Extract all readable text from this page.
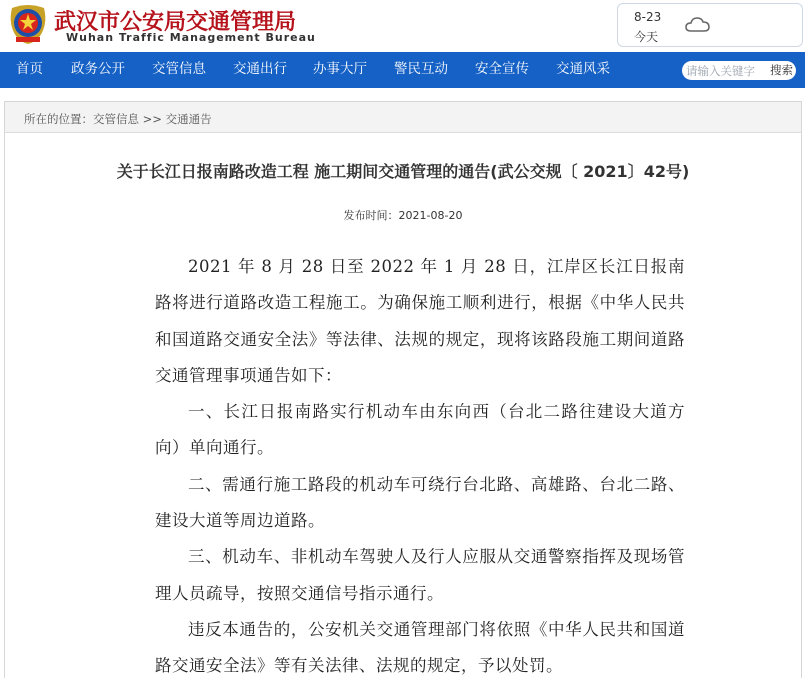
武汉市公安局交通管理局
Wuhan Traffic Management Bureau
8-23
今天
首页 政务公开 交管信息 交通出行 办事大厅 警民互动 安全宣传 交通风采
请输入关键字	搜索
所在的位置：交管信息 >> 交通通告
关于长江日报南路改造工程 施工期间交通管理的通告(武公交规〔 2021〕42号)
发布时间：2021-08-20

2021 年 8 月 28 日至 2022 年 1 月 28 日，江岸区长江日报南路将进行道路改造工程施工。为确保施工顺利进行，根据《中华人民共和国道路交通安全法》等法律、法规的规定，现将该路段施工期间道路交通管理事项通告如下：

一、长江日报南路实行机动车由东向西（台北二路往建设大道方向）单向通行。

二、需通行施工路段的机动车可绕行台北路、高雄路、台北二路、建设大道等周边道路。

三、机动车、非机动车驾驶人及行人应服从交通警察指挥及现场管理人员疏导，按照交通信号指示通行。

违反本通告的，公安机关交通管理部门将依照《中华人民共和国道路交通安全法》等有关法律、法规的规定，予以处罚。
